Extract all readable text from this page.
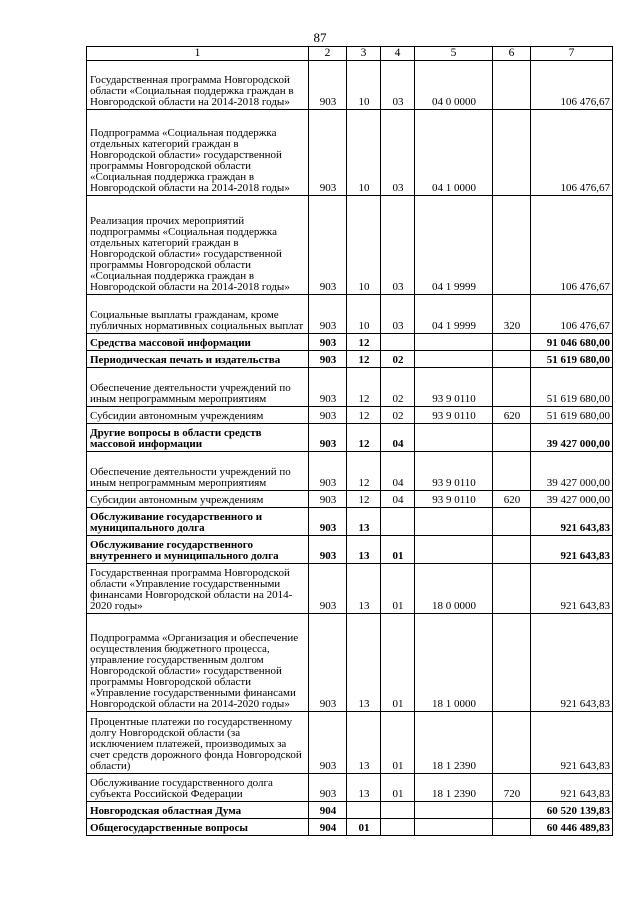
87
1	2	3	4	5	6	7
Государственная программа Новгородской области «Социальная поддержка граждан в Новгородской области на 2014-2018 годы»	903	10	03	04 0 0000		106 476,67
Подпрограмма «Социальная поддержка отдельных категорий граждан в Новгородской области» государственной программы Новгородской области «Социальная поддержка граждан в Новгородской области на 2014-2018 годы»	903	10	03	04 1 0000		106 476,67
Реализация прочих мероприятий подпрограммы «Социальная поддержка отдельных категорий граждан в Новгородской области» государственной программы Новгородской области «Социальная поддержка граждан в Новгородской области на 2014-2018 годы»	903	10	03	04 1 9999		106 476,67
Социальные выплаты гражданам, кроме публичных нормативных социальных выплат	903	10	03	04 1 9999	320	106 476,67
Средства массовой информации	903	12				91 046 680,00
Периодическая печать и издательства	903	12	02			51 619 680,00
Обеспечение деятельности учреждений по иным непрограммным мероприятиям	903	12	02	93 9 0110		51 619 680,00
Субсидии автономным учреждениям	903	12	02	93 9 0110	620	51 619 680,00
Другие вопросы в области средств массовой информации	903	12	04			39 427 000,00
Обеспечение деятельности учреждений по иным непрограммным мероприятиям	903	12	04	93 9 0110		39 427 000,00
Субсидии автономным учреждениям	903	12	04	93 9 0110	620	39 427 000,00
Обслуживание государственного и муниципального долга	903	13				921 643,83
Обслуживание государственного внутреннего и муниципального долга	903	13	01			921 643,83
Государственная программа Новгородской области «Управление государственными финансами Новгородской области на 2014-2020 годы»	903	13	01	18 0 0000		921 643,83
Подпрограмма «Организация и обеспечение осуществления бюджетного процесса, управление государственным долгом Новгородской области» государственной программы Новгородской области «Управление государственными финансами Новгородской области на 2014-2020 годы»	903	13	01	18 1 0000		921 643,83
Процентные платежи по государственному долгу Новгородской области (за исключением платежей, производимых за счет средств дорожного фонда Новгородской области)	903	13	01	18 1 2390		921 643,83
Обслуживание государственного долга субъекта Российской Федерации	903	13	01	18 1 2390	720	921 643,83
Новгородская областная Дума	904					60 520 139,83
Общегосударственные вопросы	904	01				60 446 489,83
